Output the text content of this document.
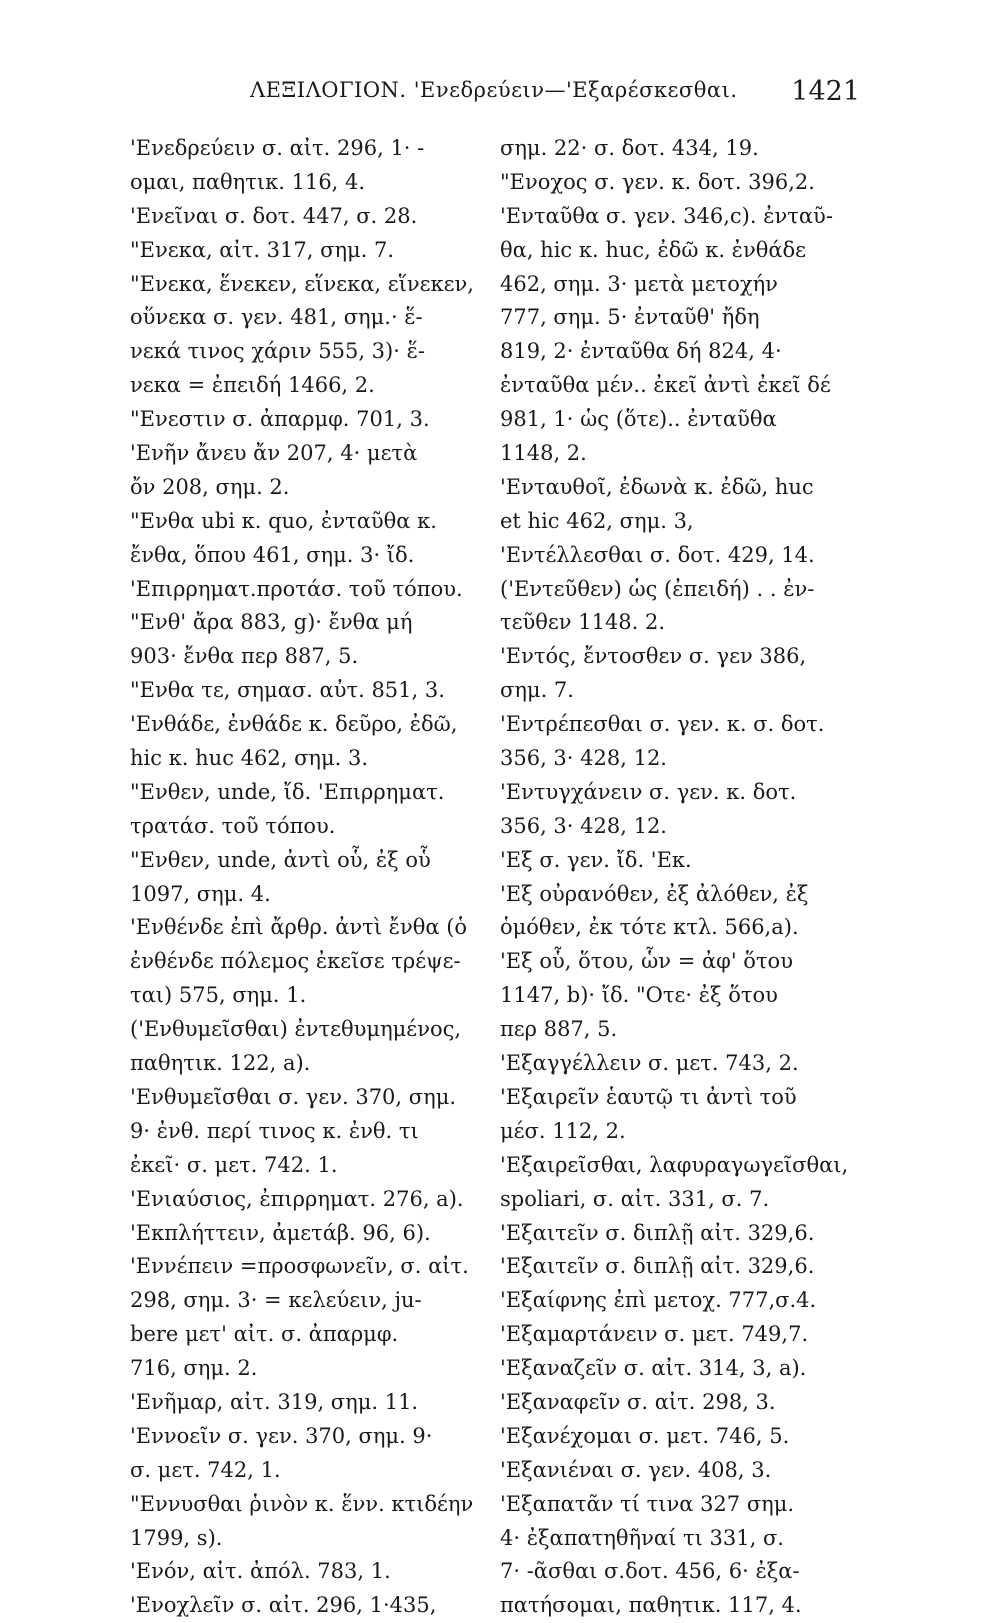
ΛΕΞΙΛΟΓΙΟΝ. 'Ενεδρεύειν—'Εξαρέσκεσθαι. 1421
'Ενεδρεύειν σ. αἰτ. 296, 1· -
ομαι, παθητικ. 116, 4.
'Ενεῖναι σ. δοτ. 447, σ. 28.
"Ενεκα, αἰτ. 317, σημ. 7.
"Ενεκα, ἕνεκεν, εἵνεκα, εἵνεκεν,
οὕνεκα σ. γεν. 481, σημ.· ἕ-
νεκά τινος χάριν 555, 3)· ἕ-
νεκα = ἐπειδή 1466, 2.
"Ενεστιν σ. ἀπαρμφ. 701, 3.
'Ενῆν ἄνευ ἄν 207, 4· μετὰ
ὄν 208, σημ. 2.
"Ενθα ubi κ. quo, ἐνταῦθα κ.
ἔνθα, ὅπου 461, σημ. 3· ἴδ.
'Επιρρηματ.προτάσ. τοῦ τόπου.
"Ενθ' ἄρα 883, g)· ἔνθα μή
903· ἔνθα περ 887, 5.
"Ενθα τε, σημασ. αὐτ. 851, 3.
'Ενθάδε, ἐνθάδε κ. δεῦρο, ἐδῶ,
hic κ. huc 462, σημ. 3.
"Ενθεν, unde, ἴδ. 'Επιρρηματ.
τρατάσ. τοῦ τόπου.
"Ενθεν, unde, ἀντὶ οὗ, ἐξ οὗ
1097, σημ. 4.
'Ενθένδε ἐπὶ ἄρθρ. ἀντὶ ἔνθα (ὁ
ἐνθένδε πόλεμος ἐκεῖσε τρέψε-
ται) 575, σημ. 1.
('Ενθυμεῖσθαι) ἐντεθυμημένος,
παθητικ. 122, a).
'Ενθυμεῖσθαι σ. γεν. 370, σημ.
9· ἐνθ. περί τινος κ. ἐνθ. τι
ἐκεῖ· σ. μετ. 742. 1.
'Ενιαύσιος, ἐπιρρηματ. 276, a).
'Εκπλήττειν, ἀμετάβ. 96, 6).
'Εννέπειν =προσφωνεῖν, σ. αἰτ.
298, σημ. 3· = κελεύειν, ju-
bere μετ' αἰτ. σ. ἀπαρμφ.
716, σημ. 2.
'Ενῆμαρ, αἰτ. 319, σημ. 11.
'Εννοεῖν σ. γεν. 370, σημ. 9·
σ. μετ. 742, 1.
"Εννυσθαι ῥινὸν κ. ἕνν. κτιδέην
1799, s).
'Ενόν, αἰτ. ἀπόλ. 783, 1.
'Ενοχλεῖν σ. αἰτ. 296, 1·435,
σημ. 22· σ. δοτ. 434, 19.
"Ενοχος σ. γεν. κ. δοτ. 396,2.
'Ενταῦθα σ. γεν. 346,c). ἐνταῦ-
θα, hic κ. huc, ἐδῶ κ. ἐνθάδε
462, σημ. 3· μετὰ μετοχήν
777, σημ. 5· ἐνταῦθ' ἤδη
819, 2· ἐνταῦθα δή 824, 4·
ἐνταῦθα μέν.. ἐκεῖ ἀντὶ ἐκεῖ δέ
981, 1· ὡς (ὅτε).. ἐνταῦθα
1148, 2.
'Ενταυθοῖ, ἐδωνὰ κ. ἐδῶ, huc
et hic 462, σημ. 3,
'Εντέλλεσθαι σ. δοτ. 429, 14.
('Εντεῦθεν) ὡς (ἐπειδή) . . ἐν-
τεῦθεν 1148. 2.
'Εντός, ἔντοσθεν σ. γεν 386,
σημ. 7.
'Εντρέπεσθαι σ. γεν. κ. σ. δοτ.
356, 3· 428, 12.
'Εντυγχάνειν σ. γεν. κ. δοτ.
356, 3· 428, 12.
'Εξ σ. γεν. ἴδ. 'Εκ.
'Εξ οὐρανόθεν, ἐξ ἀλόθεν, ἐξ
ὁμόθεν, ἐκ τότε κτλ. 566,a).
'Εξ οὗ, ὅτου, ὧν = ἀφ' ὅτου
1147, b)· ἴδ. "Οτε· ἐξ ὅτου
περ 887, 5.
'Εξαγγέλλειν σ. μετ. 743, 2.
'Εξαιρεῖν ἑαυτῷ τι ἀντὶ τοῦ
μέσ. 112, 2.
'Εξαιρεῖσθαι, λαφυραγωγεῖσθαι,
spoliari, σ. αἰτ. 331, σ. 7.
'Εξαιτεῖν σ. διπλῇ αἰτ. 329,6.
'Εξαιτεῖν σ. διπλῇ αἰτ. 329,6.
'Εξαίφνης ἐπὶ μετοχ. 777,σ.4.
'Εξαμαρτάνειν σ. μετ. 749,7.
'Εξαναζεῖν σ. αἰτ. 314, 3, a).
'Εξαναφεῖν σ. αἰτ. 298, 3.
'Εξανέχομαι σ. μετ. 746, 5.
'Εξανιέναι σ. γεν. 408, 3.
'Εξαπατᾶν τί τινα 327 σημ.
4· ἐξαπατηθῆναί τι 331, σ.
7· -ᾶσθαι σ.δοτ. 456, 6· ἐξα-
πατήσομαι, παθητικ. 117, 4.
